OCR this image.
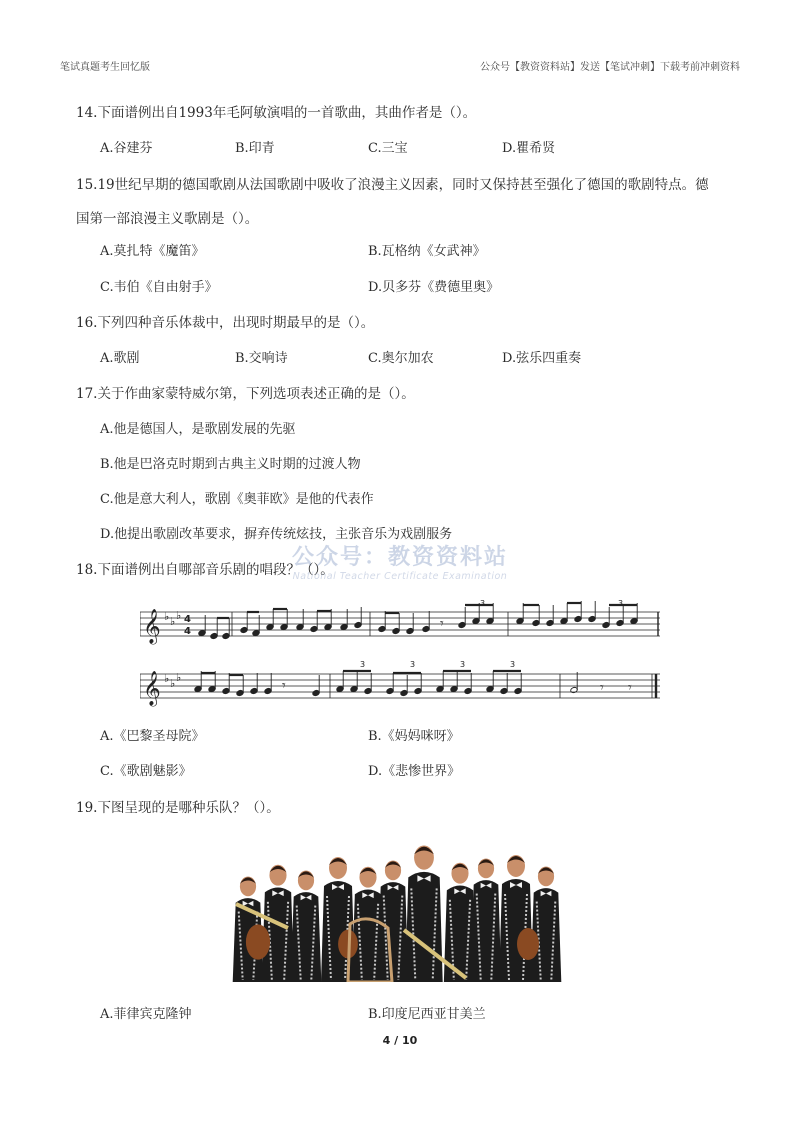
笔试真题考生回忆版	公众号【教资资料站】发送【笔试冲刺】下载考前冲刺资料
14.下面谱例出自1993年毛阿敏演唱的一首歌曲，其曲作者是（）。
A.谷建芬	B.印青	C.三宝	D.瞿希贤
15.19世纪早期的德国歌剧从法国歌剧中吸收了浪漫主义因素，同时又保持甚至强化了德国的歌剧特点。德
国第一部浪漫主义歌剧是（）。
A.莫扎特《魔笛》	B.瓦格纳《女武神》
C.韦伯《自由射手》	D.贝多芬《费德里奥》
16.下列四种音乐体裁中，出现时期最早的是（）。
A.歌剧	B.交响诗	C.奥尔加农	D.弦乐四重奏
17.关于作曲家蒙特威尔第，下列选项表述正确的是（）。
A.他是德国人，是歌剧发展的先驱
B.他是巴洛克时期到古典主义时期的过渡人物
C.他是意大利人，歌剧《奥菲欧》是他的代表作
D.他提出歌剧改革要求，摒弃传统炫技，主张音乐为戏剧服务
公众号：教资资料站
National Teacher Certificate Examination
18.下面谱例出自哪部音乐剧的唱段？（）。
𝄞 ♭ ♭ ♭ 4
4	𝄾
3	3
𝄞 ♭ ♭ ♭
𝄾	𝄾 𝄾
3	3	3	3
A.《巴黎圣母院》	B.《妈妈咪呀》
C.《歌剧魅影》	D.《悲惨世界》
19.下图呈现的是哪种乐队？（）。
A.菲律宾克隆钟	B.印度尼西亚甘美兰
4 / 10
